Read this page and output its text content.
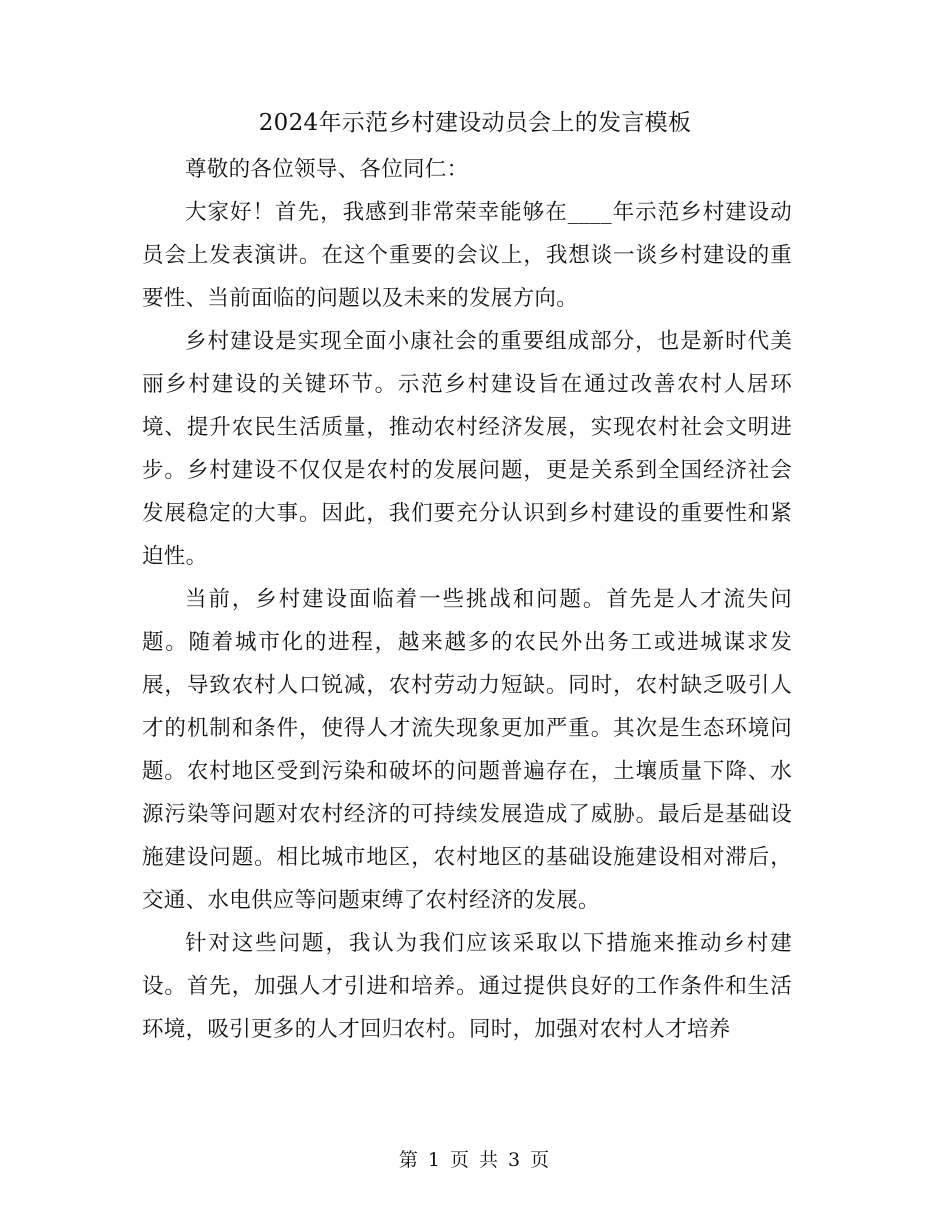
2024年示范乡村建设动员会上的发言模板

尊敬的各位领导、各位同仁：

大家好！首先，我感到非常荣幸能够在____年示范乡村建设动员会上发表演讲。在这个重要的会议上，我想谈一谈乡村建设的重要性、当前面临的问题以及未来的发展方向。

乡村建设是实现全面小康社会的重要组成部分，也是新时代美丽乡村建设的关键环节。示范乡村建设旨在通过改善农村人居环境、提升农民生活质量，推动农村经济发展，实现农村社会文明进步。乡村建设不仅仅是农村的发展问题，更是关系到全国经济社会发展稳定的大事。因此，我们要充分认识到乡村建设的重要性和紧迫性。

当前，乡村建设面临着一些挑战和问题。首先是人才流失问题。随着城市化的进程，越来越多的农民外出务工或进城谋求发展，导致农村人口锐减，农村劳动力短缺。同时，农村缺乏吸引人才的机制和条件，使得人才流失现象更加严重。其次是生态环境问题。农村地区受到污染和破坏的问题普遍存在，土壤质量下降、水源污染等问题对农村经济的可持续发展造成了威胁。最后是基础设施建设问题。相比城市地区，农村地区的基础设施建设相对滞后，交通、水电供应等问题束缚了农村经济的发展。

针对这些问题，我认为我们应该采取以下措施来推动乡村建设。首先，加强人才引进和培养。通过提供良好的工作条件和生活环境，吸引更多的人才回归农村。同时，加强对农村人才培养

第 1 页 共 3 页
